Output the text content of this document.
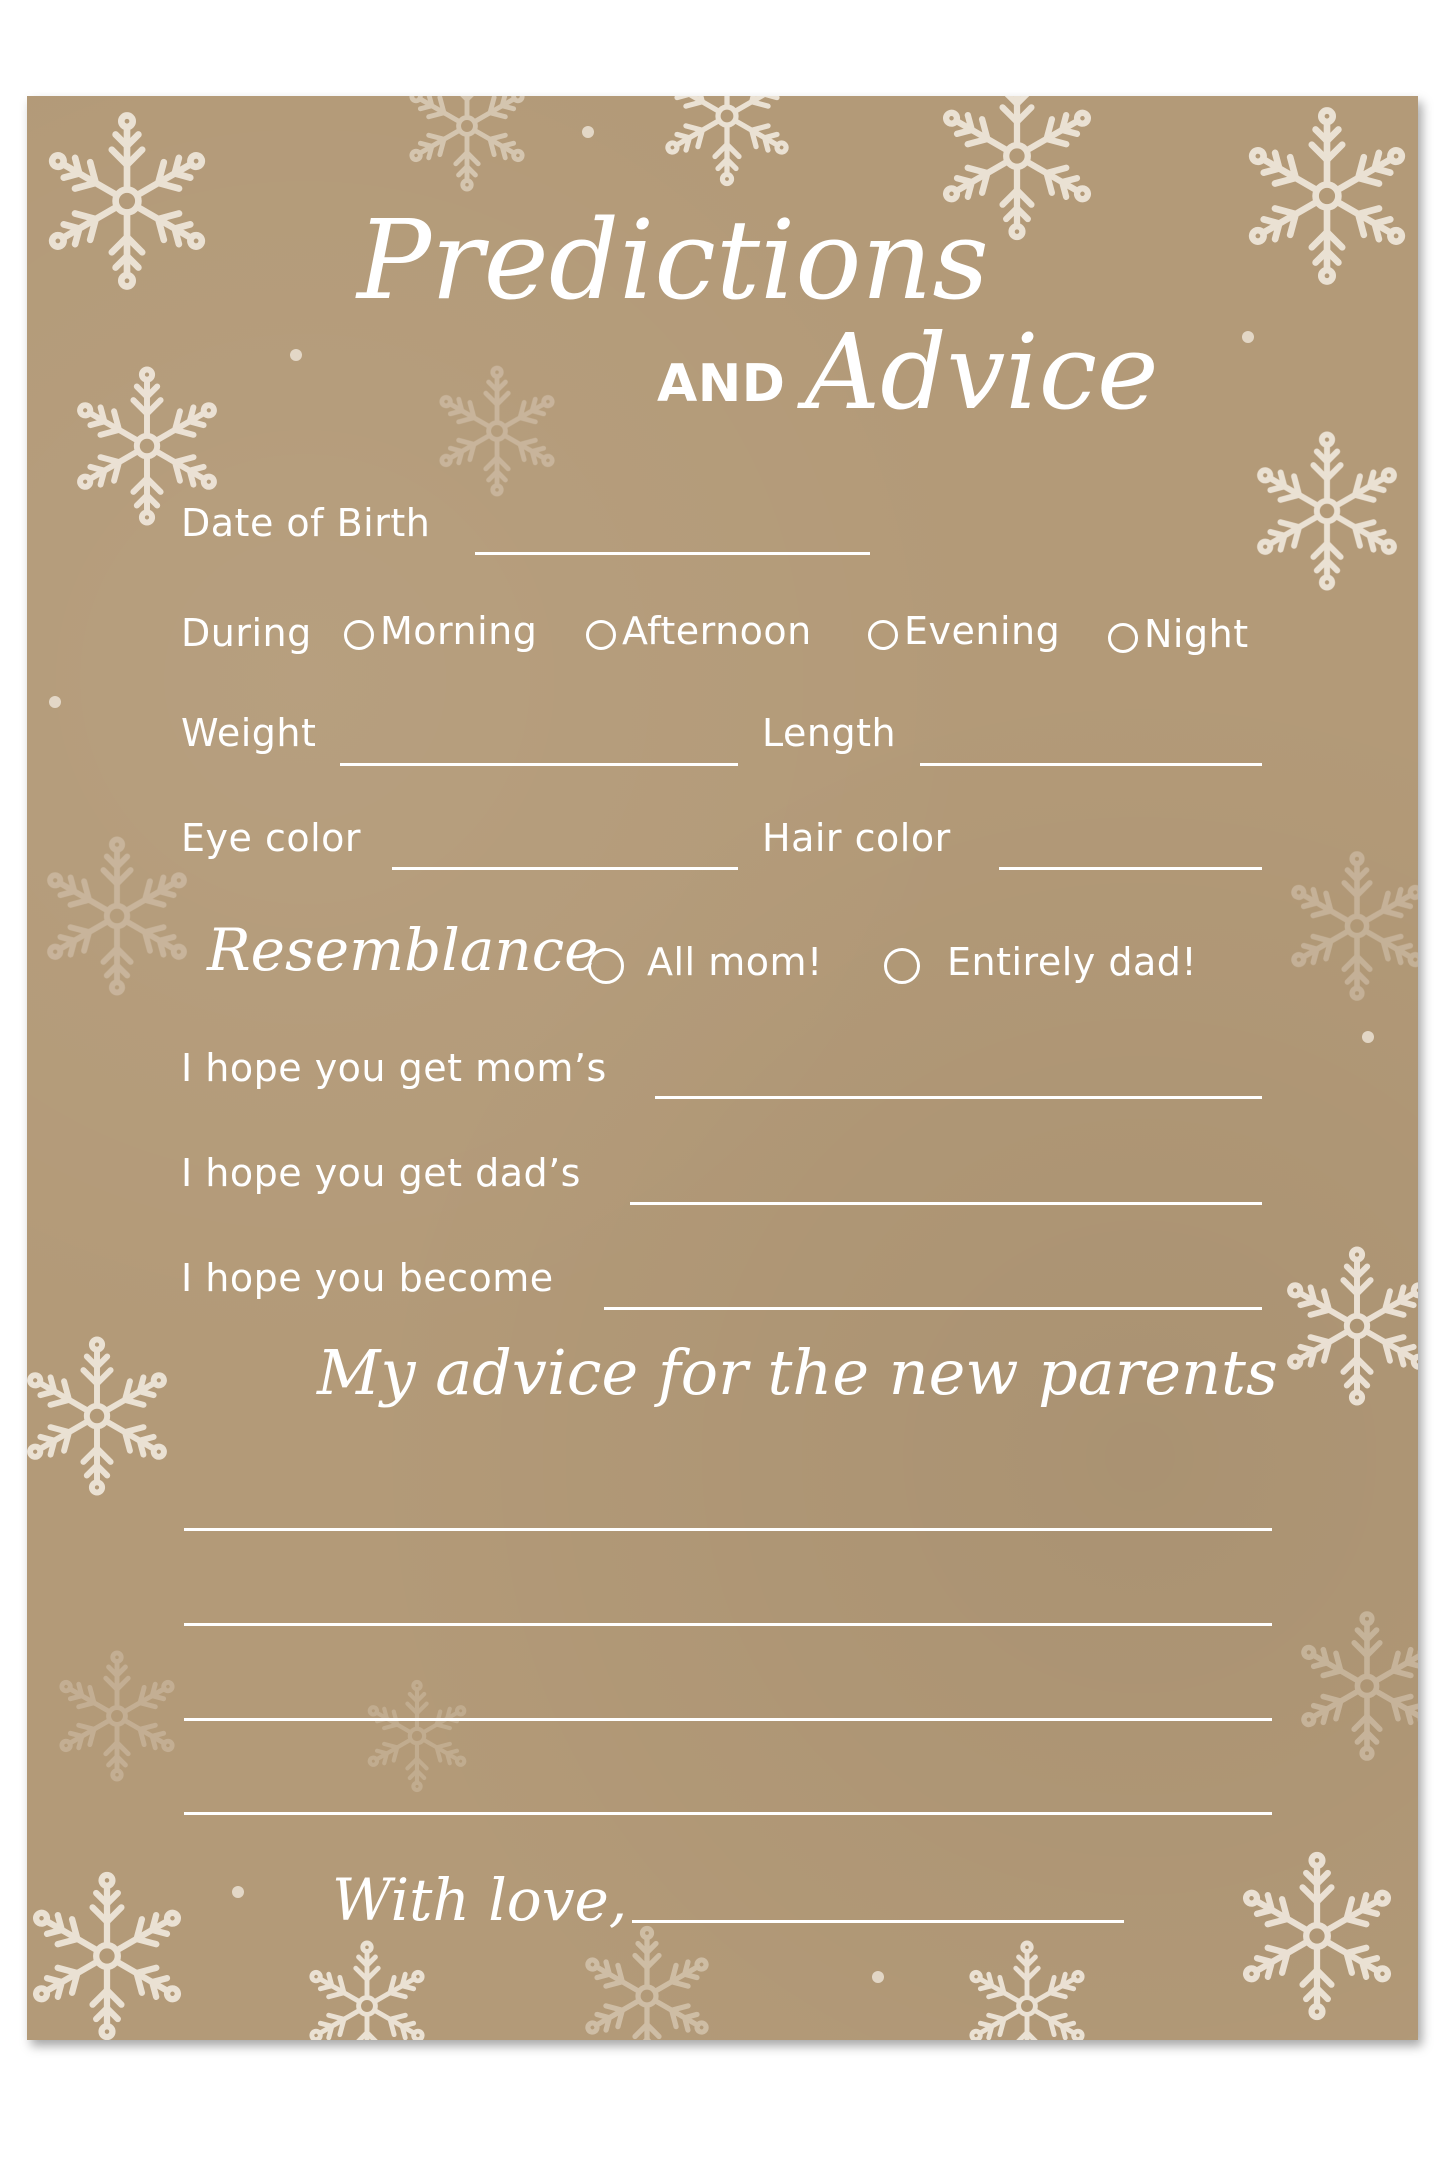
Predictions
AND Advice
Date of Birth
During Morning Afternoon Evening Night
Weight	Length
Eye color	Hair color
Resemblance All mom!	Entirely dad!
I hope you get mom’s
I hope you get dad’s
I hope you become
My advice for the new parents
With love,
